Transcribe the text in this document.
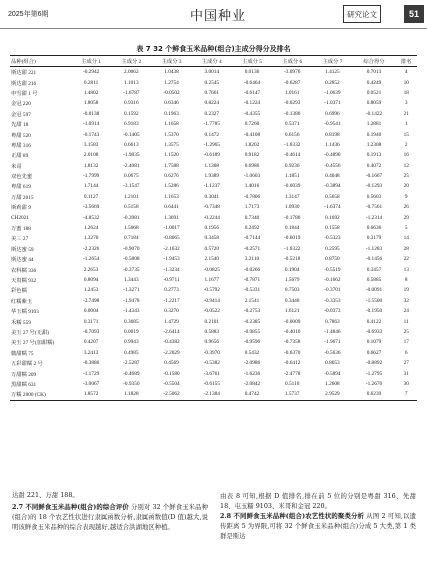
2025年第6期	中国种业	研究论文	51
表 7 32 个鲜食玉米品种(组合)主成分得分及排名
品种(组合)	主成分 1	主成分 2	主成分 3	主成分 4	主成分 5	主成分 6	主成分 7	综合得分	排名
斯达甜 221	-0.2942	2.0062	1.0438	3.0014	0.0136	-3.0976	1.4125	0.7013	4
斯达甜 216	0.2811	1.1013	1.2754	0.2545	-0.6464	-0.6287	0.2852	0.4249	10
申雪甜 1 号	1.4802	-1.6787	-0.0502	0.7661	-0.6147	1.0161	-1.0639	0.0521	18
金冠 220	1.8058	0.9316	0.6346	0.8224	-0.1224	-0.0293	-1.0371	0.8059	3
金冠 597	-0.8138	0.1592	0.1963	0.2327	-0.4355	-0.1380	0.6996	-0.1422	21
先甜 18	-1.0914	6.9183	1.1658	-1.7785	0.7260	0.5371	-0.9541	1.2881	1
粤甜 520	-0.1743	-0.1405	1.5370	0.1472	-0.4108	0.6156	0.8198	0.1940	15
粤甜 316	3.1583	0.6613	1.3575	-1.2965	1.8202	-1.0332	1.1436	1.2308	2
正甜 89	2.0108	-1.9835	1.1520	-0.6189	0.9182	-0.4614	-0.4890	0.1913	16
米哥	1.8132	-2.4081	1.7588	1.1308	0.6986	0.9236	-0.4556	0.4072	12
双色先蜜	-1.7999	0.0675	0.6276	1.9389	-1.0603	1.1851	0.4048	-0.1667	25
粤甜 619	1.7144	-3.1547	1.5286	-1.1237	1.4016	-0.6039	-0.3894	-0.1293	20
万甜 2015	0.1127	1.2101	1.1653	0.3041	-0.7806	1.3147	0.5658	0.5603	9
斯莉甜 9	-3.5669	0.5158	0.6441	-0.7348	1.7173	1.0930	-1.6374	-0.7561	26
CH2021	-4.8532	-0.3981	1.3691	-0.2244	0.7340	-0.1780	0.1692	-1.2314	29
万蜜 188	1.2624	1.5668	-1.0017	0.1956	0.2492	0.1844	0.1558	0.6636	5
美三 27	1.3270	0.7184	-0.8065	0.3458	-0.7144	-0.6019	-0.5323	0.3179	14
斯达蜜 59	-2.2326	-0.9070	-2.1632	0.5720	-0.2571	-1.0322	0.2595	-1.1283	28
斯达蜜 44	-1.2654	-0.5808	-1.9453	2.1540	3.2110	-0.5218	0.8750	-0.1456	22
农科糯 336	2.2653	-0.3735	-1.3234	-0.0825	-0.0266	0.1904	-0.5519	0.3457	13
天贵糯 932	0.8094	1.3443	-0.9711	1.1677	-0.7871	1.5679	-0.1662	0.5885	8
彩色糯	1.2453	-1.3271	0.2773	-0.5792	-0.5331	0.7503	-0.3701	-0.0091	19
红糯紫玉	-3.7498	-1.9478	-1.2217	-0.9414	2.1541	0.3448	-0.3353	-1.5500	32
华玉糯 9103	0.0004	-1.4343	0.3270	-0.0522	-0.2753	1.6121	-0.0373	-0.1950	24
禾糯 559	0.3171	0.3685	1.4729	0.2101	-0.2385	-0.0009	0.7863	0.4122	11
美玉 27 号(无甜)	-0.7093	0.0019	-2.6414	0.5883	-0.9855	-0.4010	-1.4846	-0.6933	25
美玉 27 号(加甜糯)	0.4207	0.9943	-0.4382	0.9656	-0.9596	-0.7358	-1.9671	0.1079	17
微甜糯 75	3.2413	0.4985	-2.2029	-0.3970	0.5432	-0.6370	-0.5636	0.6627	6
五彩甜糯 2 号	-0.3886	-2.5287	0.4569	-0.5382	-2.0986	-0.6412	0.8653	-0.8892	27
万甜糯 209	-1.1729	-0.4689	-0.1580	-3.6761	-1.6236	-2.4778	-0.5894	-1.2795	31
黑甜糯 631	-3.0067	-0.9350	-0.5504	-0.6155	-2.0842	0.5110	1.2608	-1.2676	30
万糯 2000 (CK)	1.8572	1.1828	-2.5062	-2.1384	0.4742	1.5737	2.9529	0.6239	7
达甜 221、万甜 188。

2.7 不同鲜食玉米品种(组合)的综合评价 分别对 32 个鲜食玉米品种(组合)的 18 个农艺性状进行隶属函数分析,隶属函数值(D 值)越大,说明该鲜食玉米品种的综合表现越好,越适合洪湖地区种植。

由表 8 可知,根据 D 值排名,排在前 5 位的分别是粤甜 316、先甜 18、屯玉糯 9103、米哥和金冠 220。

2.8 不同鲜食玉米品种(组合)农艺性状的聚类分析 从图 2 可知,以遗传距离 5 为界限,可将 32 个鲜食玉米品种(组合)分成 5 大类,第 1 类群是斯达
